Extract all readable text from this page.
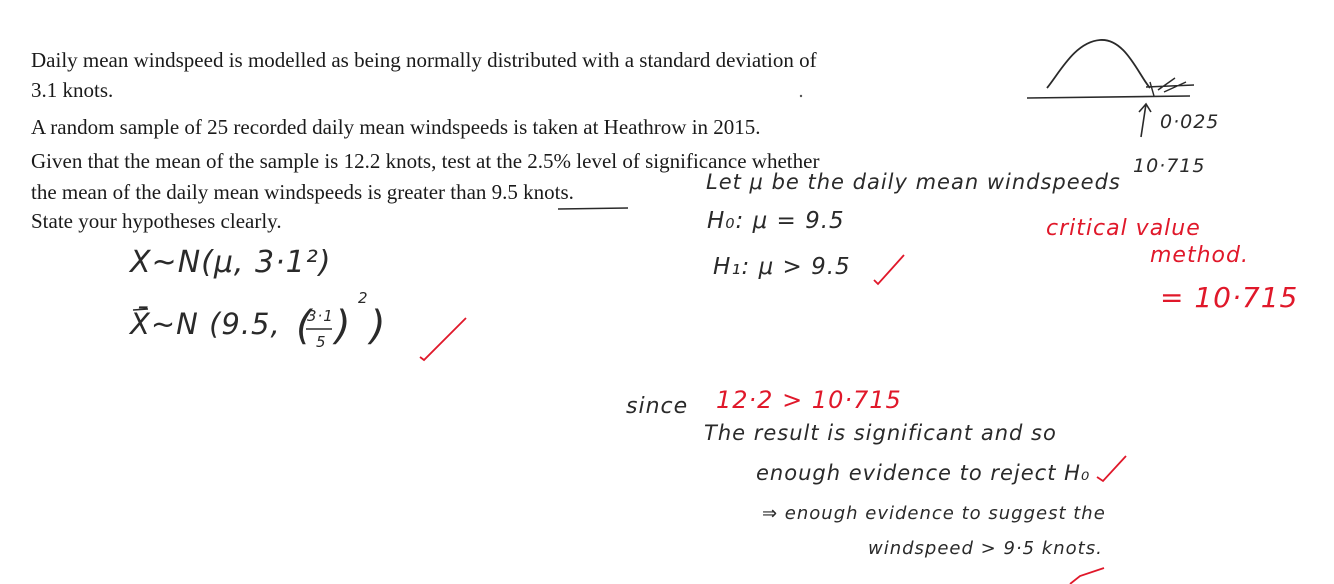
Daily mean windspeed is modelled as being normally distributed with a standard deviation of
3.1 knots.
A random sample of 25 recorded daily mean windspeeds is taken at Heathrow in 2015.
Given that the mean of the sample is 12.2 knots, test at the 2.5% level of significance whether
the mean of the daily mean windspeeds is greater than 9.5 knots.
State your hypotheses clearly.
X~N(μ, 3·1²)
X̄~N (9.5, (
3·1
5 )
2
)
Let μ be the daily mean windspeeds
H₀: μ = 9.5
H₁: μ > 9.5
since 12·2 > 10·715
The result is significant and so
enough evidence to reject H₀
⇒ enough evidence to suggest the
windspeed > 9·5 knots.
0·025
10·715
critical value
method.
= 10·715
